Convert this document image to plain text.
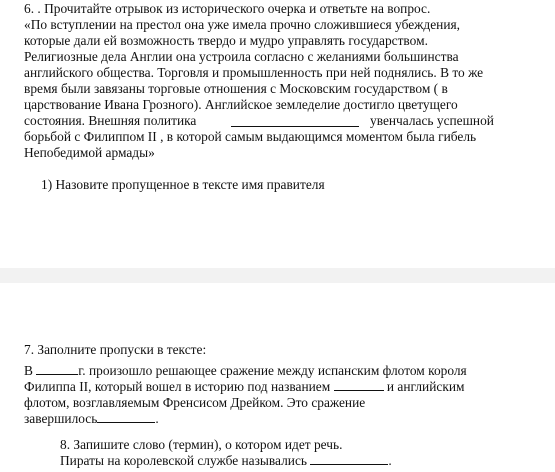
6. . Прочитайте отрывок из исторического очерка и ответьте на вопрос.

«По вступлении на престол она уже имела прочно сложившиеся убеждения,

которые дали ей возможность твердо и мудро управлять государством.

Религиозные дела Англии она устроила согласно с желаниями большинства

английского общества. Торговля и промышленность при ней поднялись. В то же

время были завязаны торговые отношения с Московским государством ( в

царствование Ивана Грозного). Английское земледелие достигло цветущего

состояния. Внешняя политика	увенчалась успешной

борьбой с Филиппом II , в которой самым выдающимся моментом была гибель

Непобедимой армады»

1) Назовите пропущенное в тексте имя правителя

7. Заполните пропуски в тексте:

В	г. произошло решающее сражение между испанским флотом короля

Филиппа II, который вошел в историю под названием	и английским

флотом, возглавляемым Френсисом Дрейком. Это сражение

завершилось	.

8. Запишите слово (термин), о котором идет речь.

Пираты на королевской службе назывались	.
